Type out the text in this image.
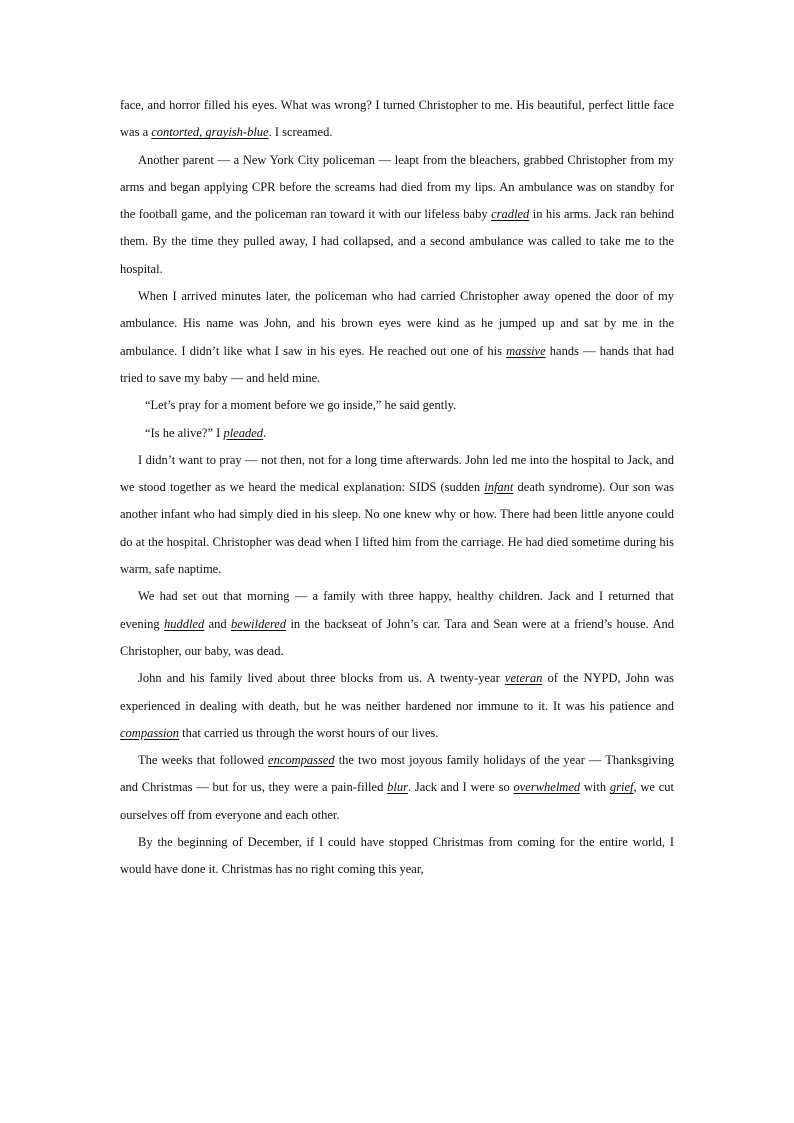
face, and horror filled his eyes. What was wrong? I turned Christopher to me. His beautiful, perfect little face was a contorted, grayish-blue. I screamed.

Another parent — a New York City policeman — leapt from the bleachers, grabbed Christopher from my arms and began applying CPR before the screams had died from my lips. An ambulance was on standby for the football game, and the policeman ran toward it with our lifeless baby cradled in his arms. Jack ran behind them. By the time they pulled away, I had collapsed, and a second ambulance was called to take me to the hospital.

When I arrived minutes later, the policeman who had carried Christopher away opened the door of my ambulance. His name was John, and his brown eyes were kind as he jumped up and sat by me in the ambulance. I didn’t like what I saw in his eyes. He reached out one of his massive hands — hands that had tried to save my baby — and held mine.

“Let’s pray for a moment before we go inside,” he said gently.

“Is he alive?” I pleaded.

I didn’t want to pray — not then, not for a long time afterwards. John led me into the hospital to Jack, and we stood together as we heard the medical explanation: SIDS (sudden infant death syndrome). Our son was another infant who had simply died in his sleep. No one knew why or how. There had been little anyone could do at the hospital. Christopher was dead when I lifted him from the carriage. He had died sometime during his warm, safe naptime.

We had set out that morning — a family with three happy, healthy children. Jack and I returned that evening huddled and bewildered in the backseat of John’s car. Tara and Sean were at a friend’s house. And Christopher, our baby, was dead.

John and his family lived about three blocks from us. A twenty-year veteran of the NYPD, John was experienced in dealing with death, but he was neither hardened nor immune to it. It was his patience and compassion that carried us through the worst hours of our lives.

The weeks that followed encompassed the two most joyous family holidays of the year — Thanksgiving and Christmas — but for us, they were a pain-filled blur. Jack and I were so overwhelmed with grief, we cut ourselves off from everyone and each other.

By the beginning of December, if I could have stopped Christmas from coming for the entire world, I would have done it. Christmas has no right coming this year,
